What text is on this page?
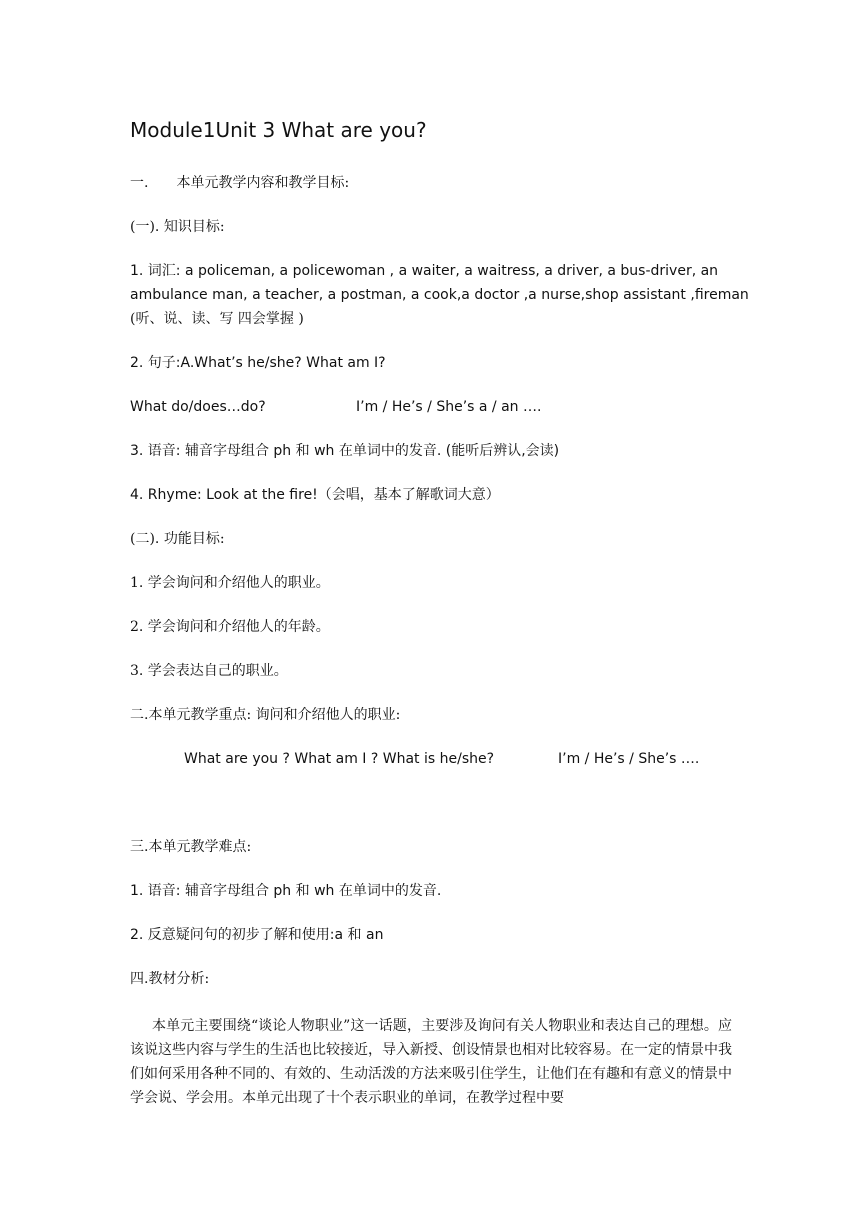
Module1Unit 3 What are you?
一. 本单元教学内容和教学目标:
(一). 知识目标:
1. 词汇: a policeman, a policewoman , a waiter, a waitress, a driver, a bus-driver, an
ambulance man, a teacher, a postman, a cook,a doctor ,a nurse,shop assistant ,fireman
(听、说、读、写 四会掌握 )
2. 句子:A.What’s he/she? What am I?
What do/does…do?	I’m / He’s / She’s a / an ….
3. 语音: 辅音字母组合 ph 和 wh 在单词中的发音. (能听后辨认,会读)
4. Rhyme: Look at the fire!（会唱，基本了解歌词大意）
(二). 功能目标:
1. 学会询问和介绍他人的职业。
2. 学会询问和介绍他人的年龄。
3. 学会表达自己的职业。
二.本单元教学重点: 询问和介绍他人的职业:
What are you ? What am I ? What is he/she?	I’m / He’s / She’s ….
三.本单元教学难点:
1. 语音: 辅音字母组合 ph 和 wh 在单词中的发音.
2. 反意疑问句的初步了解和使用:a 和 an
四.教材分析:
本单元主要围绕“谈论人物职业”这一话题，主要涉及询问有关人物职业和表达自己的理想。应该说这些内容与学生的生活也比较接近，导入新授、创设情景也相对比较容易。在一定的情景中我们如何采用各种不同的、有效的、生动活泼的方法来吸引住学生，让他们在有趣和有意义的情景中学会说、学会用。本单元出现了十个表示职业的单词，在教学过程中要
